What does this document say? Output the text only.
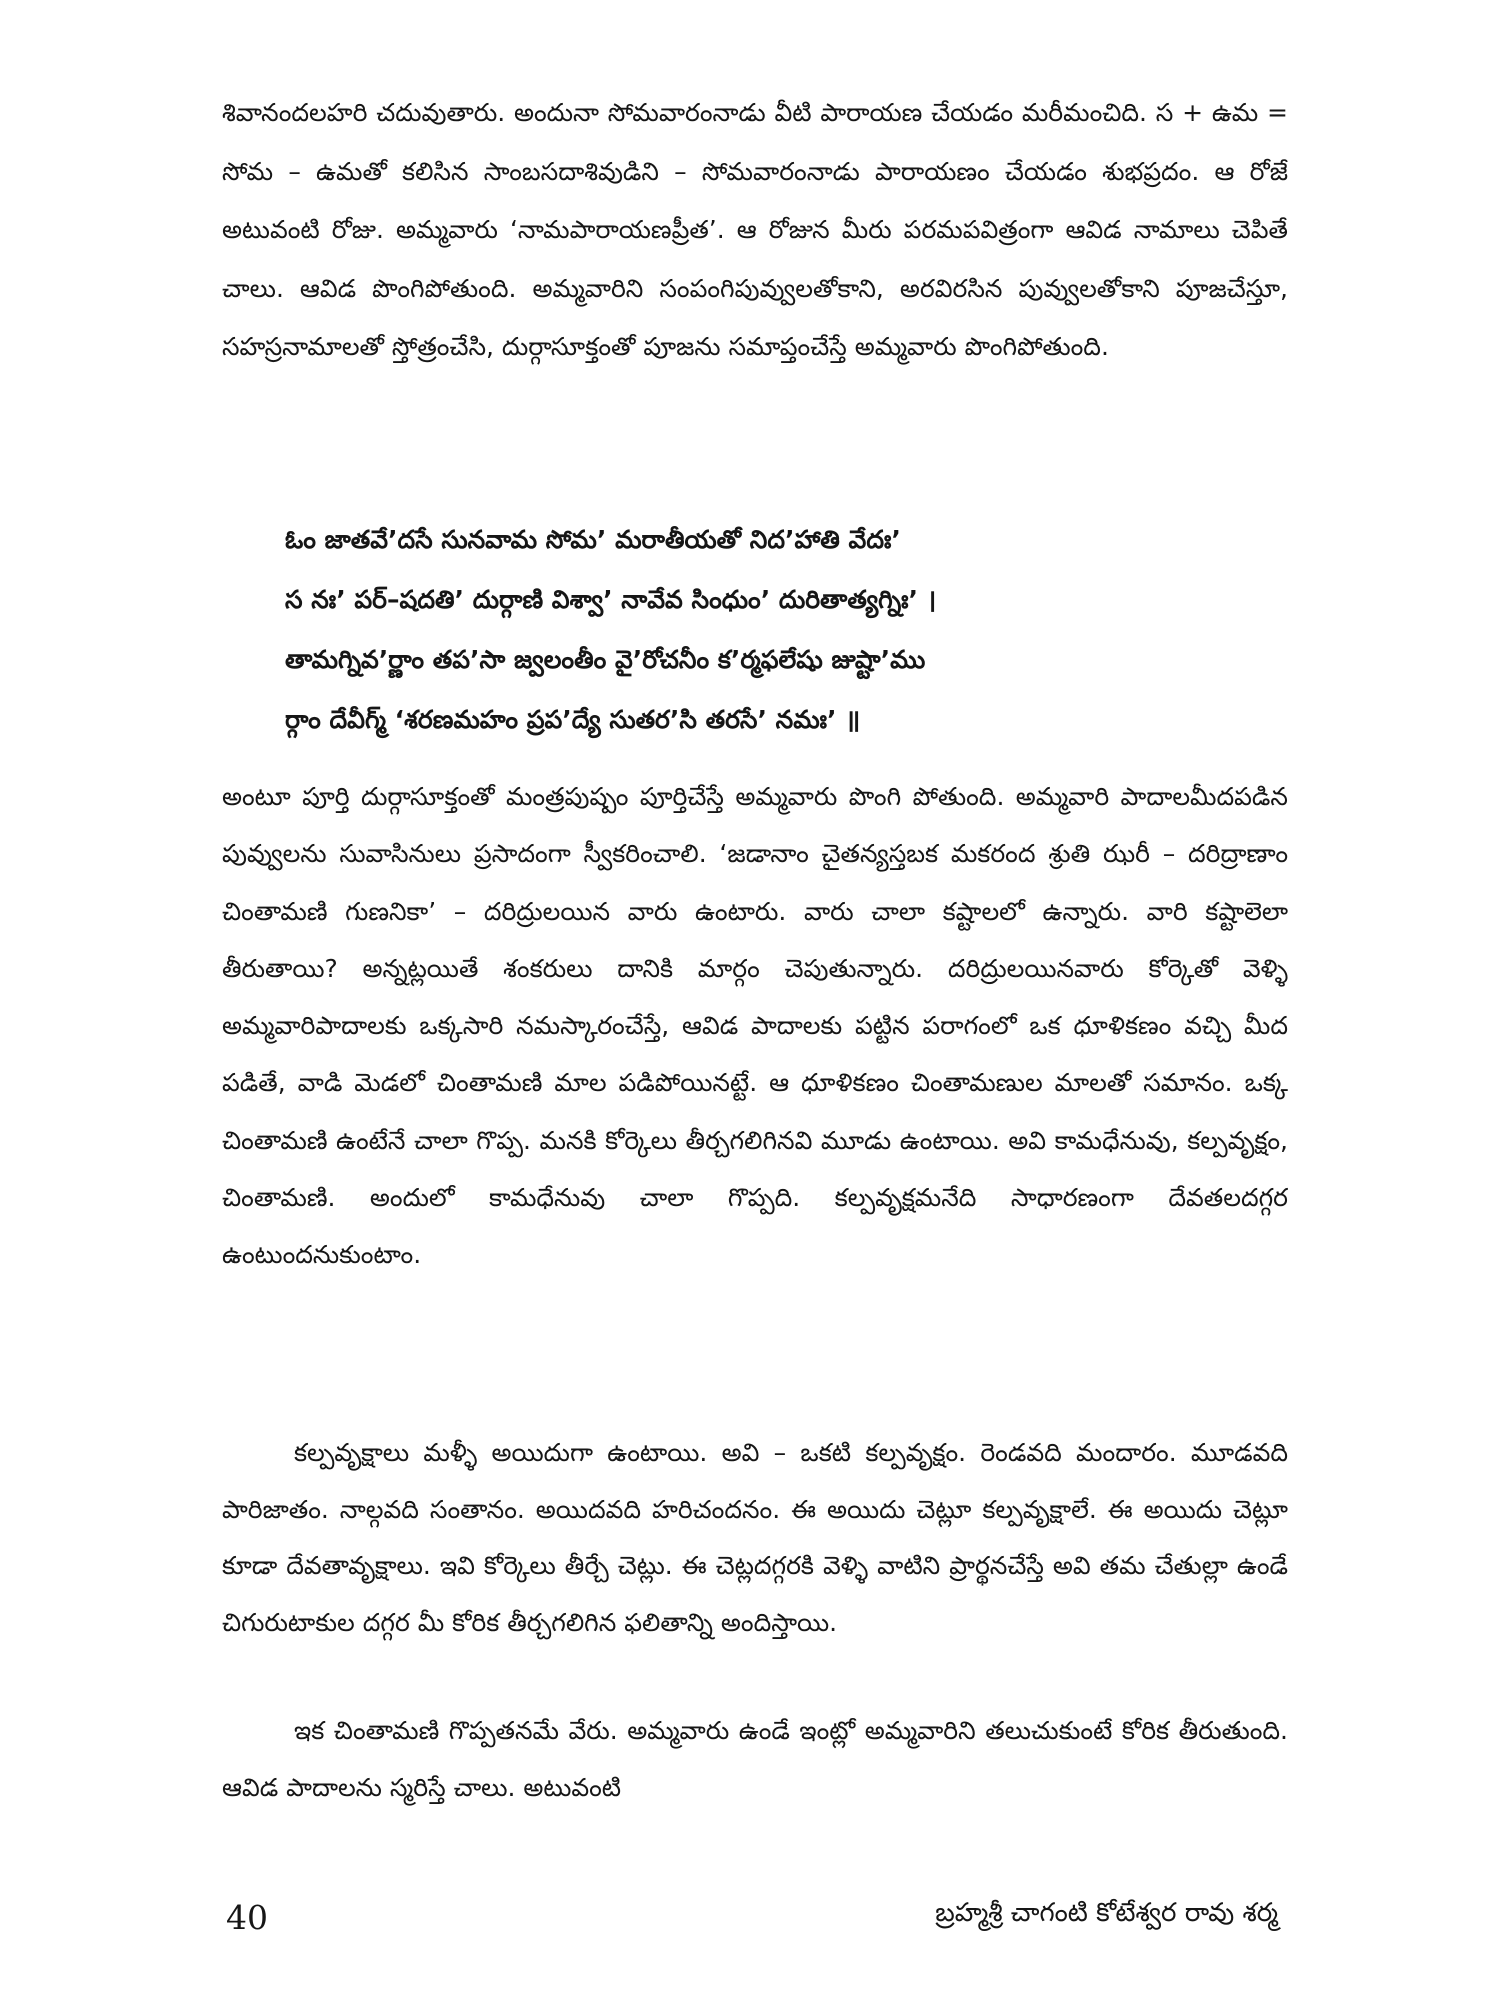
శివానందలహరి చదువుతారు. అందునా సోమవారంనాడు వీటి పారాయణ చేయడం మరీమంచిది. స + ఉమ = సోమ – ఉమతో కలిసిన సాంబసదాశివుడిని – సోమవారంనాడు పారాయణం చేయడం శుభప్రదం. ఆ రోజే అటువంటి రోజు. అమ్మవారు ‘నామపారాయణప్రీత’. ఆ రోజున మీరు పరమపవిత్రంగా ఆవిడ నామాలు చెపితే చాలు. ఆవిడ పొంగిపోతుంది. అమ్మవారిని సంపంగిపువ్వులతోకాని, అరవిరసిన పువ్వులతోకాని పూజచేస్తూ, సహస్రనామాలతో స్తోత్రంచేసి, దుర్గాసూక్తంతో పూజను సమాప్తంచేస్తే అమ్మవారు పొంగిపోతుంది.

ఓం జాతవే’దసే సునవామ సోమ’ మరాతీయతో నిద’హాతి వేదః’
స నః’ పర్–షదతి’ దుర్గాణి విశ్వా’ నావేవ సింధుం’ దురితాత్యగ్నిః’ ।
తామగ్నివ’ర్ణాం తప’సా జ్వలంతీం వై’రోచనీం క’ర్మఫలేషు జుష్టా’ము
ర్గాం దేవీగ్మ్ ‘శరణమహం ప్రప’ద్యే సుతర’సి తరసే’ నమః’ ॥

అంటూ పూర్తి దుర్గాసూక్తంతో మంత్రపుష్పం పూర్తిచేస్తే అమ్మవారు పొంగి పోతుంది. అమ్మవారి పాదాలమీదపడిన పువ్వులను సువాసినులు ప్రసాదంగా స్వీకరించాలి. ‘జడానాం చైతన్యస్తబక మకరంద శ్రుతి ఝరీ – దరిద్రాణాం చింతామణి గుణనికా’ – దరిద్రులయిన వారు ఉంటారు. వారు చాలా కష్టాలలో ఉన్నారు. వారి కష్టాలెలా తీరుతాయి? అన్నట్లయితే శంకరులు దానికి మార్గం చెపుతున్నారు. దరిద్రులయినవారు కోర్కెతో వెళ్ళి అమ్మవారిపాదాలకు ఒక్కసారి నమస్కారంచేస్తే, ఆవిడ పాదాలకు పట్టిన పరాగంలో ఒక ధూళికణం వచ్చి మీద పడితే, వాడి మెడలో చింతామణి మాల పడిపోయినట్టే. ఆ ధూళికణం చింతామణుల మాలతో సమానం. ఒక్క చింతామణి ఉంటేనే చాలా గొప్ప. మనకి కోర్కెలు తీర్చగలిగినవి మూడు ఉంటాయి. అవి కామధేనువు, కల్పవృక్షం, చింతామణి. అందులో కామధేనువు చాలా గొప్పది. కల్పవృక్షమనేది సాధారణంగా దేవతలదగ్గర ఉంటుందనుకుంటాం.

కల్పవృక్షాలు మళ్ళీ అయిదుగా ఉంటాయి. అవి – ఒకటి కల్పవృక్షం. రెండవది మందారం. మూడవది పారిజాతం. నాల్గవది సంతానం. అయిదవది హరిచందనం. ఈ అయిదు చెట్లూ కల్పవృక్షాలే. ఈ అయిదు చెట్లూ కూడా దేవతావృక్షాలు. ఇవి కోర్కెలు తీర్చే చెట్లు. ఈ చెట్లదగ్గరకి వెళ్ళి వాటిని ప్రార్థనచేస్తే అవి తమ చేతుల్లా ఉండే చిగురుటాకుల దగ్గర మీ కోరిక తీర్చగలిగిన ఫలితాన్ని అందిస్తాయి.

ఇక చింతామణి గొప్పతనమే వేరు. అమ్మవారు ఉండే ఇంట్లో అమ్మవారిని తలుచుకుంటే కోరిక తీరుతుంది. ఆవిడ పాదాలను స్మరిస్తే చాలు. అటువంటి

40	బ్రహ్మశ్రీ చాగంటి కోటేశ్వర రావు శర్మ
